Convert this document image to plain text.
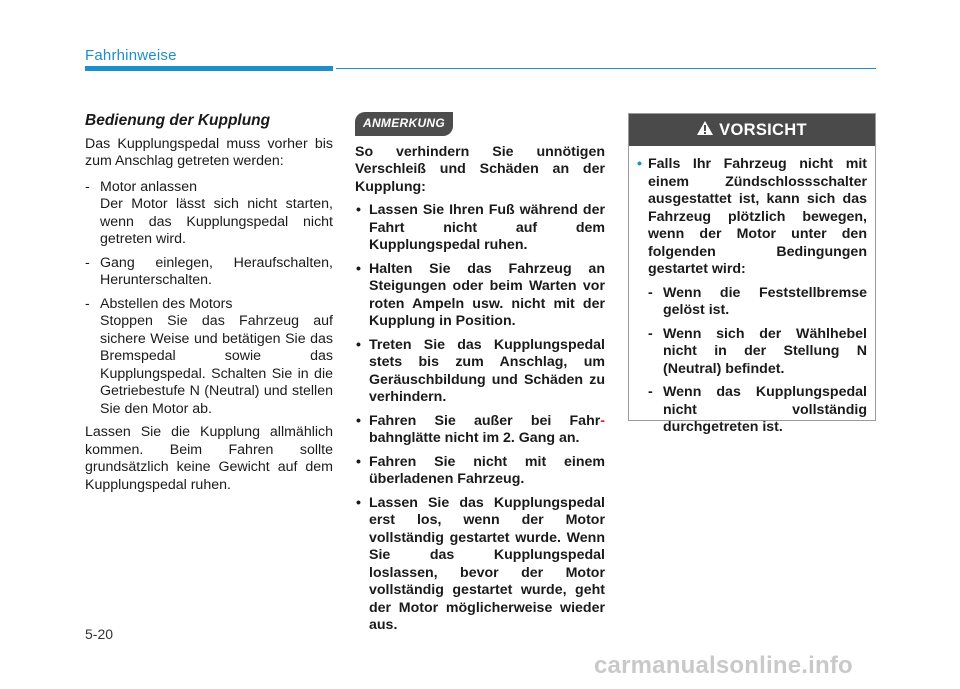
Fahrhinweise
Bedienung der Kupplung
Das Kupplungspedal muss vorher bis zum Anschlag getreten werden:
- Motor anlassen
Der Motor lässt sich nicht starten, wenn das Kupplungspedal nicht getreten wird.
- Gang einlegen, Heraufschalten, Herunterschalten.
- Abstellen des Motors
Stoppen Sie das Fahrzeug auf sichere Weise und betätigen Sie das Bremspedal sowie das Kupplungspedal. Schalten Sie in die Getriebestufe N (Neutral) und stellen Sie den Motor ab.
Lassen Sie die Kupplung allmählich kommen. Beim Fahren sollte grundsätzlich keine Gewicht auf dem Kupplungspedal ruhen.
ANMERKUNG
So verhindern Sie unnötigen Verschleiß und Schäden an der Kupplung:
• Lassen Sie Ihren Fuß während der Fahrt nicht auf dem Kupplungspedal ruhen.
• Halten Sie das Fahrzeug an Steigungen oder beim Warten vor roten Ampeln usw. nicht mit der Kupplung in Position.
• Treten Sie das Kupplungspedal stets bis zum Anschlag, um Geräuschbildung und Schäden zu verhindern.
• Fahren Sie außer bei Fahr- bahnglätte nicht im 2. Gang an.
• Fahren Sie nicht mit einem überladenen Fahrzeug.
• Lassen Sie das Kupplungspedal erst los, wenn der Motor vollständig gestartet wurde. Wenn Sie das Kupplungspedal loslassen, bevor der Motor vollständig gestartet wurde, geht der Motor möglicherweise wieder aus.
VORSICHT
• Falls Ihr Fahrzeug nicht mit einem Zündschlossschalter ausgestattet ist, kann sich das Fahrzeug plötzlich bewegen, wenn der Motor unter den folgenden Bedingungen gestartet wird:
- Wenn die Feststellbremse gelöst ist.
- Wenn sich der Wählhebel nicht in der Stellung N (Neutral) befindet.
- Wenn das Kupplungspedal nicht vollständig durchgetreten ist.
5-20
carmanualsonline.info
